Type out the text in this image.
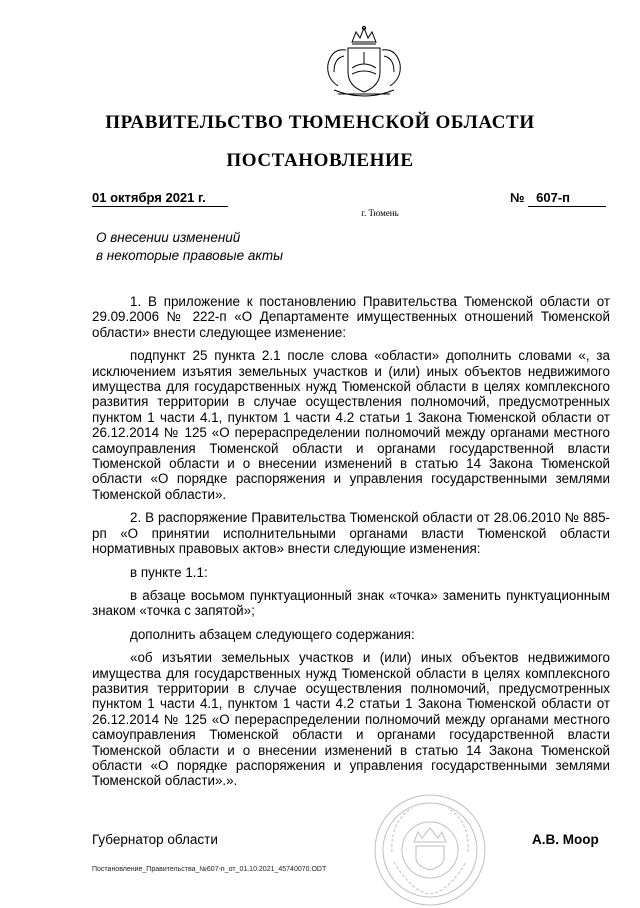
ПРАВИТЕЛЬСТВО ТЮМЕНСКОЙ ОБЛАСТИ
ПОСТАНОВЛЕНИЕ
01 октября 2021 г.	№ 607-п
г. Тюмень
О внесении изменений
в некоторые правовые акты

1. В приложение к постановлению Правительства Тюменской области от 29.09.2006 № 222-п «О Департаменте имущественных отношений Тюменской области» внести следующее изменение:

подпункт 25 пункта 2.1 после слова «области» дополнить словами «, за исключением изъятия земельных участков и (или) иных объектов недвижимого имущества для государственных нужд Тюменской области в целях комплексного развития территории в случае осуществления полномочий, предусмотренных пунктом 1 части 4.1, пунктом 1 части 4.2 статьи 1 Закона Тюменской области от 26.12.2014 № 125 «О перераспределении полномочий между органами местного самоуправления Тюменской области и органами государственной власти Тюменской области и о внесении изменений в статью 14 Закона Тюменской области «О порядке распоряжения и управления государственными землями Тюменской области».

2. В распоряжение Правительства Тюменской области от 28.06.2010 № 885-рп «О принятии исполнительными органами власти Тюменской области нормативных правовых актов» внести следующие изменения:

в пункте 1.1:

в абзаце восьмом пунктуационный знак «точка» заменить пунктуационным знаком «точка с запятой»;

дополнить абзацем следующего содержания:

«об изъятии земельных участков и (или) иных объектов недвижимого имущества для государственных нужд Тюменской области в целях комплексного развития территории в случае осуществления полномочий, предусмотренных пунктом 1 части 4.1, пунктом 1 части 4.2 статьи 1 Закона Тюменской области от 26.12.2014 № 125 «О перераспределении полномочий между органами местного самоуправления Тюменской области и органами государственной власти Тюменской области и о внесении изменений в статью 14 Закона Тюменской области «О порядке распоряжения и управления государственными землями Тюменской области».».

Губернатор области	А.В. Моор
Постановление_Правительства_№607-п_от_01.10.2021_45740070.ODT
